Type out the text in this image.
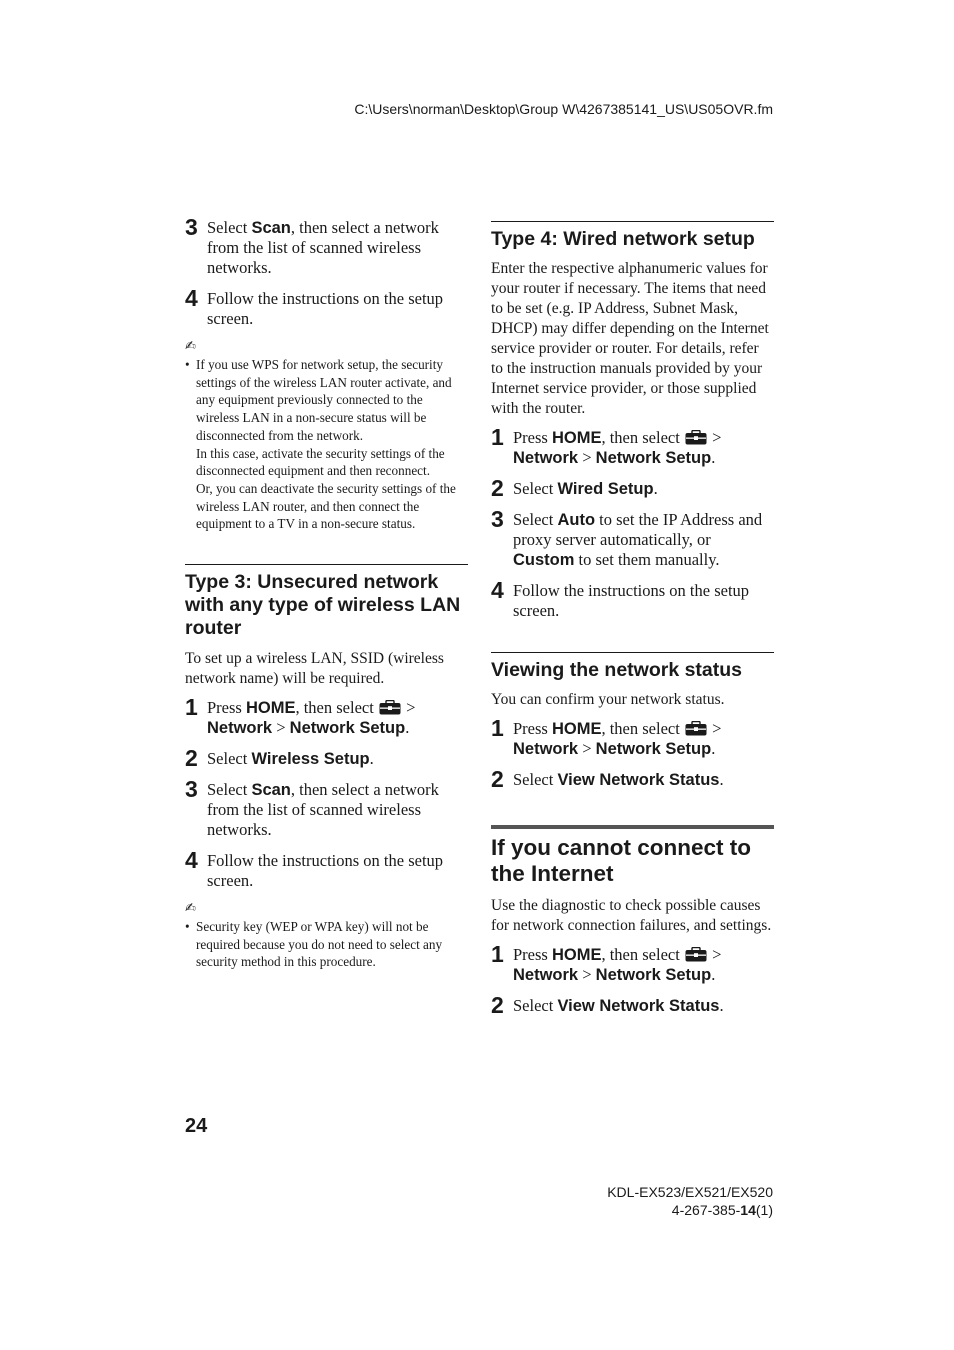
C:\Users\norman\Desktop\Group W\4267385141_US\US05OVR.fm
3 Select Scan, then select a network from the list of scanned wireless networks.
4 Follow the instructions on the setup screen.
✍
• If you use WPS for network setup, the security settings of the wireless LAN router activate, and any equipment previously connected to the wireless LAN in a non-secure status will be disconnected from the network.
In this case, activate the security settings of the disconnected equipment and then reconnect.
Or, you can deactivate the security settings of the wireless LAN router, and then connect the equipment to a TV in a non-secure status.
Type 3: Unsecured network with any type of wireless LAN router
To set up a wireless LAN, SSID (wireless network name) will be required.
1 Press HOME, then select  >
Network > Network Setup.
2 Select Wireless Setup.
3 Select Scan, then select a network from the list of scanned wireless networks.
4 Follow the instructions on the setup screen.
✍
• Security key (WEP or WPA key) will not be required because you do not need to select any security method in this procedure.
Type 4: Wired network setup
Enter the respective alphanumeric values for your router if necessary. The items that need to be set (e.g. IP Address, Subnet Mask, DHCP) may differ depending on the Internet service provider or router. For details, refer to the instruction manuals provided by your Internet service provider, or those supplied with the router.
1 Press HOME, then select  >
Network > Network Setup.
2 Select Wired Setup.
3 Select Auto to set the IP Address and proxy server automatically, or Custom to set them manually.
4 Follow the instructions on the setup screen.
Viewing the network status
You can confirm your network status.
1 Press HOME, then select  >
Network > Network Setup.
2 Select View Network Status.
If you cannot connect to the Internet
Use the diagnostic to check possible causes for network connection failures, and settings.
1 Press HOME, then select  >
Network > Network Setup.
2 Select View Network Status.
24
KDL-EX523/EX521/EX520
4-267-385-14(1)
